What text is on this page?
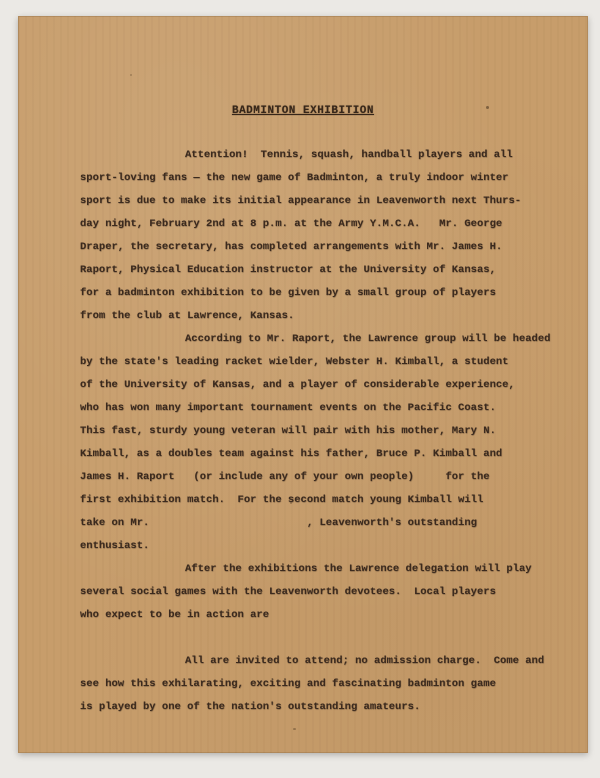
BADMINTON EXHIBITION
Attention!  Tennis, squash, handball players and all
sport-loving fans — the new game of Badminton, a truly indoor winter
sport is due to make its initial appearance in Leavenworth next Thurs-
day night, February 2nd at 8 p.m. at the Army Y.M.C.A.   Mr. George
Draper, the secretary, has completed arrangements with Mr. James H.
Raport, Physical Education instructor at the University of Kansas,
for a badminton exhibition to be given by a small group of players
from the club at Lawrence, Kansas.
According to Mr. Raport, the Lawrence group will be headed
by the state's leading racket wielder, Webster H. Kimball, a student
of the University of Kansas, and a player of considerable experience,
who has won many important tournament events on the Pacific Coast.
This fast, sturdy young veteran will pair with his mother, Mary N.
Kimball, as a doubles team against his father, Bruce P. Kimball and
James H. Raport   (or include any of your own people)     for the
first exhibition match.  For the second match young Kimball will
take on Mr.                         , Leavenworth's outstanding
enthusiast.
After the exhibitions the Lawrence delegation will play
several social games with the Leavenworth devotees.  Local players
who expect to be in action are
All are invited to attend; no admission charge.  Come and
see how this exhilarating, exciting and fascinating badminton game
is played by one of the nation's outstanding amateurs.
